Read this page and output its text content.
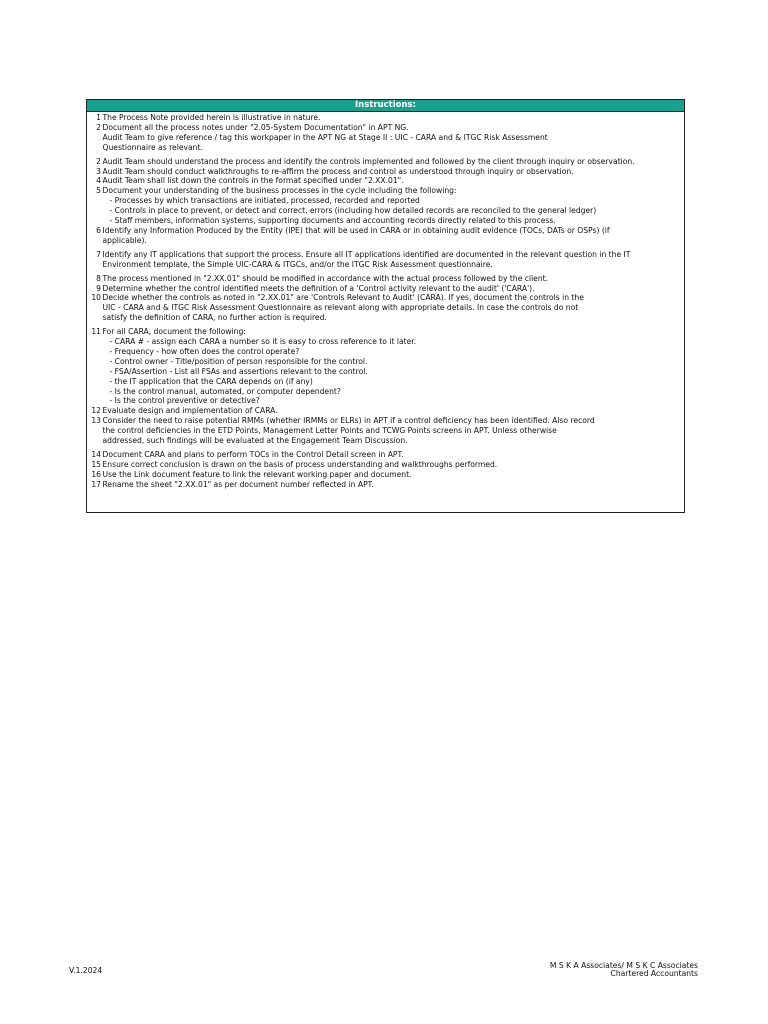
Instructions:
1 The Process Note provided herein is illustrative in nature.
2 Document all the process notes under "2.05-System Documentation" in APT NG.
Audit Team to give reference / tag this workpaper in the APT NG at Stage II : UIC - CARA and & ITGC Risk Assessment
Questionnaire as relevant.
2 Audit Team should understand the process and identify the controls implemented and followed by the client through inquiry or observation.
3 Audit Team should conduct walkthroughs to re-affirm the process and control as understood through inquiry or observation.
4 Audit Team shall list down the controls in the format specified under "2.XX.01".
5 Document your understanding of the business processes in the cycle including the following:
- Processes by which transactions are initiated, processed, recorded and reported
- Controls in place to prevent, or detect and correct, errors (including how detailed records are reconciled to the general ledger)
- Staff members, information systems, supporting documents and accounting records directly related to this process.
6 Identify any Information Produced by the Entity (IPE) that will be used in CARA or in obtaining audit evidence (TOCs, DATs or OSPs) (if
applicable).
7 Identify any IT applications that support the process. Ensure all IT applications identified are documented in the relevant question in the IT
Environment template, the Simple UIC-CARA & ITGCs, and/or the ITGC Risk Assessment questionnaire.
8 The process mentioned in "2.XX.01" should be modified in accordance with the actual process followed by the client.
9 Determine whether the control identified meets the definition of a 'Control activity relevant to the audit' ('CARA').
10 Decide whether the controls as noted in "2.XX.01" are 'Controls Relevant to Audit' (CARA). If yes, document the controls in the
UIC - CARA and & ITGC Risk Assessment Questionnaire as relevant along with appropriate details. In case the controls do not
satisfy the definition of CARA, no further action is required.
11 For all CARA, document the following:
- CARA # - assign each CARA a number so it is easy to cross reference to it later.
- Frequency - how often does the control operate?
- Control owner - Title/position of person responsible for the control.
- FSA/Assertion - List all FSAs and assertions relevant to the control.
- the IT application that the CARA depends on (if any)
- Is the control manual, automated, or computer dependent?
- Is the control preventive or detective?
12 Evaluate design and implementation of CARA.
13 Consider the need to raise potential RMMs (whether IRMMs or ELRs) in APT if a control deficiency has been identified. Also record
the control deficiencies in the ETD Points, Management Letter Points and TCWG Points screens in APT. Unless otherwise
addressed, such findings will be evaluated at the Engagement Team Discussion.
14 Document CARA and plans to perform TOCs in the Control Detail screen in APT.
15 Ensure correct conclusion is drawn on the basis of process understanding and walkthroughs performed.
16 Use the Link document feature to link the relevant working paper and document.
17 Rename the sheet "2.XX.01" as per document number reflected in APT.
V.1.2024
M S K A Associates/ M S K C Associates
Chartered Accountants
